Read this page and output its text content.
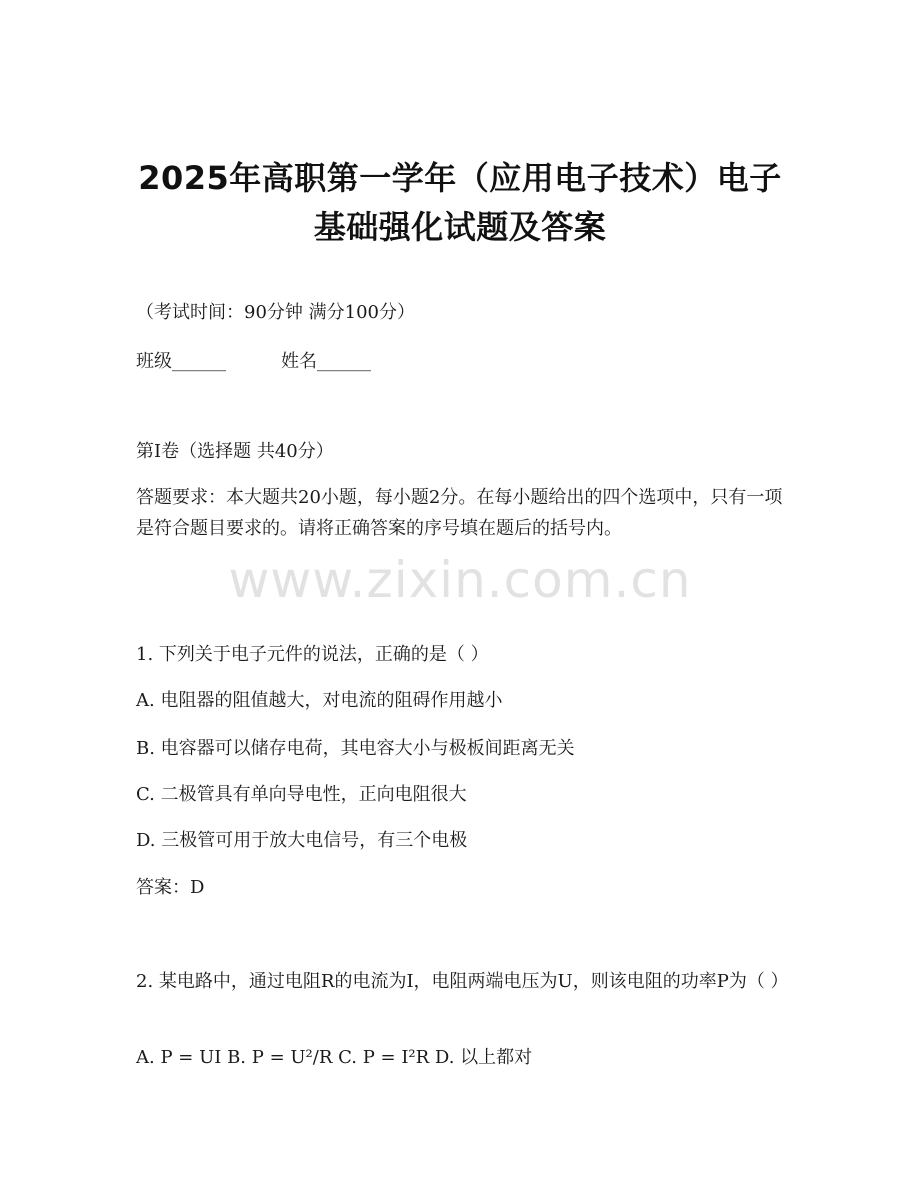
2025年高职第一学年（应用电子技术）电子
基础强化试题及答案
（考试时间：90分钟 满分100分）
班级______	姓名______
第I卷（选择题 共40分）
答题要求：本大题共20小题，每小题2分。在每小题给出的四个选项中，只有一项是符合题目要求的。请将正确答案的序号填在题后的括号内。
www.zixin.com.cn
1. 下列关于电子元件的说法，正确的是（ ）
A. 电阻器的阻值越大，对电流的阻碍作用越小
B. 电容器可以储存电荷，其电容大小与极板间距离无关
C. 二极管具有单向导电性，正向电阻很大
D. 三极管可用于放大电信号，有三个电极
答案：D
2. 某电路中，通过电阻R的电流为I，电阻两端电压为U，则该电阻的功率P为（ ）
A. P = UI B. P = U²/R C. P = I²R D. 以上都对
